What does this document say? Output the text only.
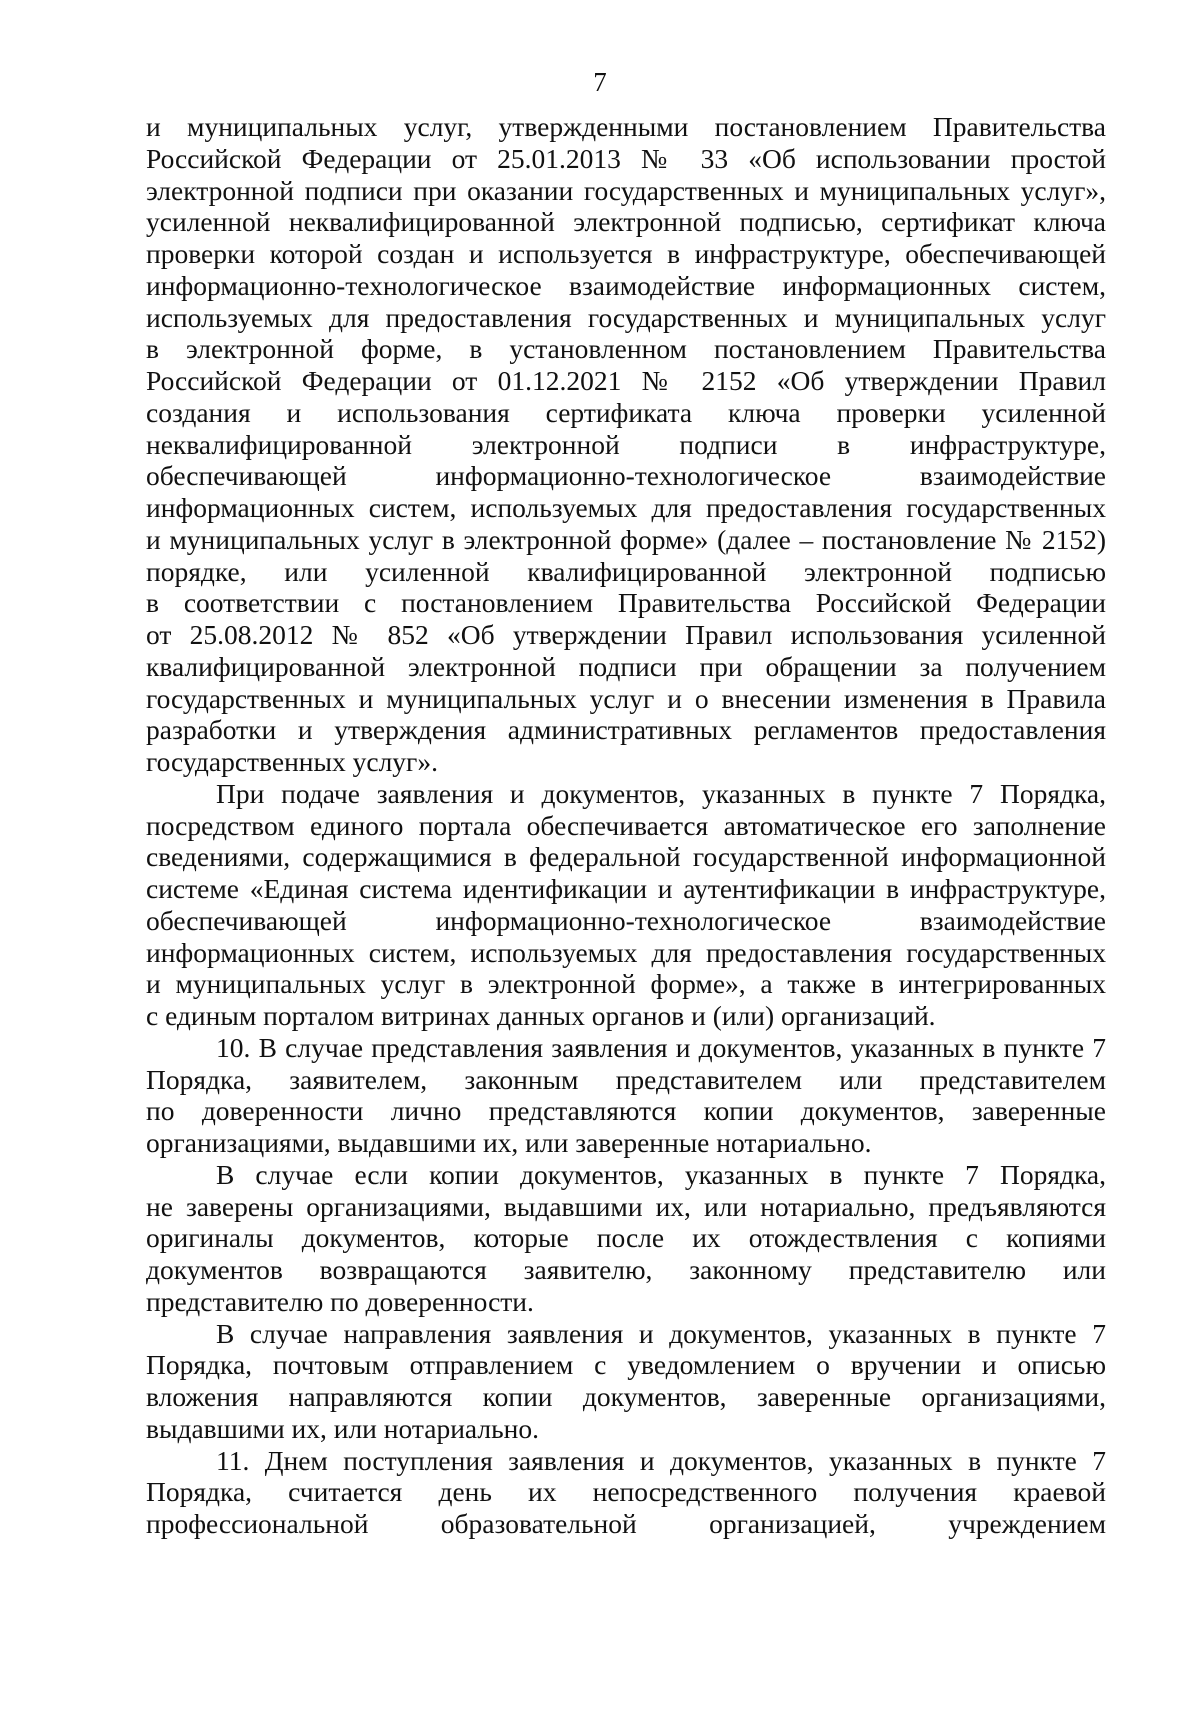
7
и муниципальных услуг, утвержденными постановлением Правительства
Российской Федерации от 25.01.2013 № 33 «Об использовании простой
электронной подписи при оказании государственных и муниципальных услуг»,
усиленной неквалифицированной электронной подписью, сертификат ключа
проверки которой создан и используется в инфраструктуре, обеспечивающей
информационно-технологическое взаимодействие информационных систем,
используемых для предоставления государственных и муниципальных услуг
в электронной форме, в установленном постановлением Правительства
Российской Федерации от 01.12.2021 № 2152 «Об утверждении Правил
создания и использования сертификата ключа проверки усиленной
неквалифицированной электронной подписи в инфраструктуре,
обеспечивающей информационно-технологическое взаимодействие
информационных систем, используемых для предоставления государственных
и муниципальных услуг в электронной форме» (далее – постановление № 2152)
порядке, или усиленной квалифицированной электронной подписью
в соответствии с постановлением Правительства Российской Федерации
от 25.08.2012 № 852 «Об утверждении Правил использования усиленной
квалифицированной электронной подписи при обращении за получением
государственных и муниципальных услуг и о внесении изменения в Правила
разработки и утверждения административных регламентов предоставления
государственных услуг».
При подаче заявления и документов, указанных в пункте 7 Порядка,
посредством единого портала обеспечивается автоматическое его заполнение
сведениями, содержащимися в федеральной государственной информационной
системе «Единая система идентификации и аутентификации в инфраструктуре,
обеспечивающей информационно-технологическое взаимодействие
информационных систем, используемых для предоставления государственных
и муниципальных услуг в электронной форме», а также в интегрированных
с единым порталом витринах данных органов и (или) организаций.
10. В случае представления заявления и документов, указанных в пункте 7
Порядка, заявителем, законным представителем или представителем
по доверенности лично представляются копии документов, заверенные
организациями, выдавшими их, или заверенные нотариально.
В случае если копии документов, указанных в пункте 7 Порядка,
не заверены организациями, выдавшими их, или нотариально, предъявляются
оригиналы документов, которые после их отождествления с копиями
документов возвращаются заявителю, законному представителю или
представителю по доверенности.
В случае направления заявления и документов, указанных в пункте 7
Порядка, почтовым отправлением с уведомлением о вручении и описью
вложения направляются копии документов, заверенные организациями,
выдавшими их, или нотариально.
11. Днем поступления заявления и документов, указанных в пункте 7
Порядка, считается день их непосредственного получения краевой
профессиональной образовательной организацией, учреждением
